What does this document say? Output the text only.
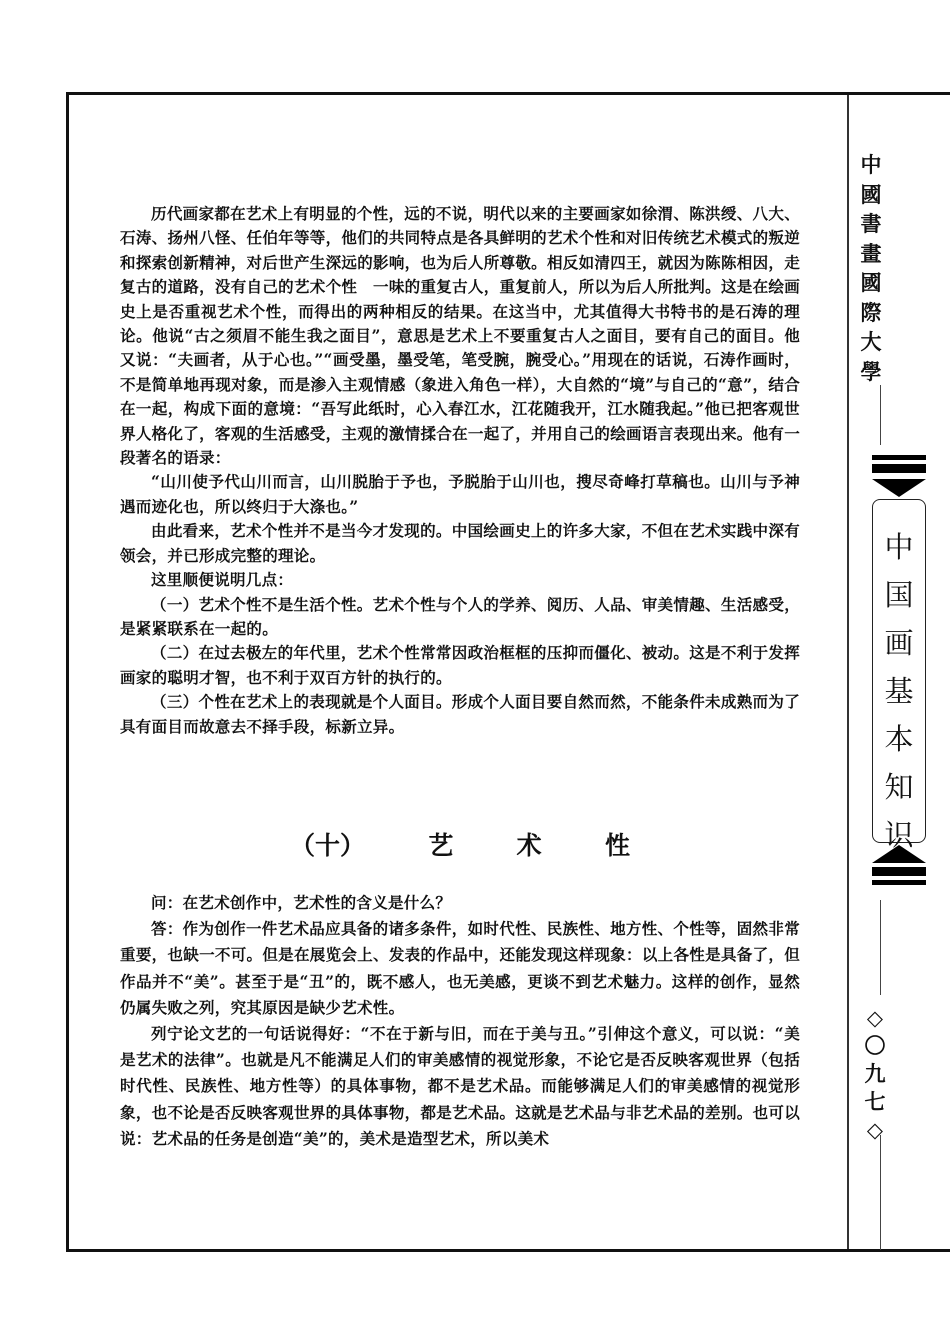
历代画家都在艺术上有明显的个性，远的不说，明代以来的主要画家如徐渭、陈洪绶、八大、石涛、扬州八怪、任伯年等等，他们的共同特点是各具鲜明的艺术个性和对旧传统艺术模式的叛逆和探索创新精神，对后世产生深远的影响，也为后人所尊敬。相反如清四王，就因为陈陈相因，走复古的道路，没有自己的艺术个性　一味的重复古人，重复前人，所以为后人所批判。这是在绘画史上是否重视艺术个性，而得出的两种相反的结果。在这当中，尤其值得大书特书的是石涛的理论。他说“古之须眉不能生我之面目”，意思是艺术上不要重复古人之面目，要有自己的面目。他又说：“夫画者，从于心也。”“画受墨，墨受笔，笔受腕，腕受心。”用现在的话说，石涛作画时，不是简单地再现对象，而是渗入主观情感（象进入角色一样），大自然的“境”与自己的“意”，结合在一起，构成下面的意境：“吾写此纸时，心入春江水，江花随我开，江水随我起。”他已把客观世界人格化了，客观的生活感受，主观的激情揉合在一起了，并用自己的绘画语言表现出来。他有一段著名的语录：

“山川使予代山川而言，山川脱胎于予也，予脱胎于山川也，搜尽奇峰打草稿也。山川与予神遇而迹化也，所以终归于大涤也。”

由此看来，艺术个性并不是当今才发现的。中国绘画史上的许多大家，不但在艺术实践中深有领会，并已形成完整的理论。

这里顺便说明几点：

（一）艺术个性不是生活个性。艺术个性与个人的学养、阅历、人品、审美情趣、生活感受，是紧紧联系在一起的。

（二）在过去极左的年代里，艺术个性常常因政治框框的压抑而僵化、被动。这是不利于发挥画家的聪明才智，也不利于双百方针的执行的。

（三）个性在艺术上的表现就是个人面目。形成个人面目要自然而然，不能条件未成熟而为了具有面目而故意去不择手段，标新立异。

（十）	艺	术	性

问：在艺术创作中，艺术性的含义是什么？

答：作为创作一件艺术品应具备的诸多条件，如时代性、民族性、地方性、个性等，固然非常重要，也缺一不可。但是在展览会上、发表的作品中，还能发现这样现象：以上各性是具备了，但作品并不“美”。甚至于是“丑”的，既不感人，也无美感，更谈不到艺术魅力。这样的创作，显然仍属失败之列，究其原因是缺少艺术性。

列宁论文艺的一句话说得好：“不在于新与旧，而在于美与丑。”引伸这个意义，可以说：“美是艺术的法律”。也就是凡不能满足人们的审美感情的视觉形象，不论它是否反映客观世界（包括时代性、民族性、地方性等）的具体事物，都不是艺术品。而能够满足人们的审美感情的视觉形象，也不论是否反映客观世界的具体事物，都是艺术品。这就是艺术品与非艺术品的差别。也可以说：艺术品的任务是创造“美”的，美术是造型艺术，所以美术

中國書畫國際大學
中国画基本知识
◇〇九七◇
